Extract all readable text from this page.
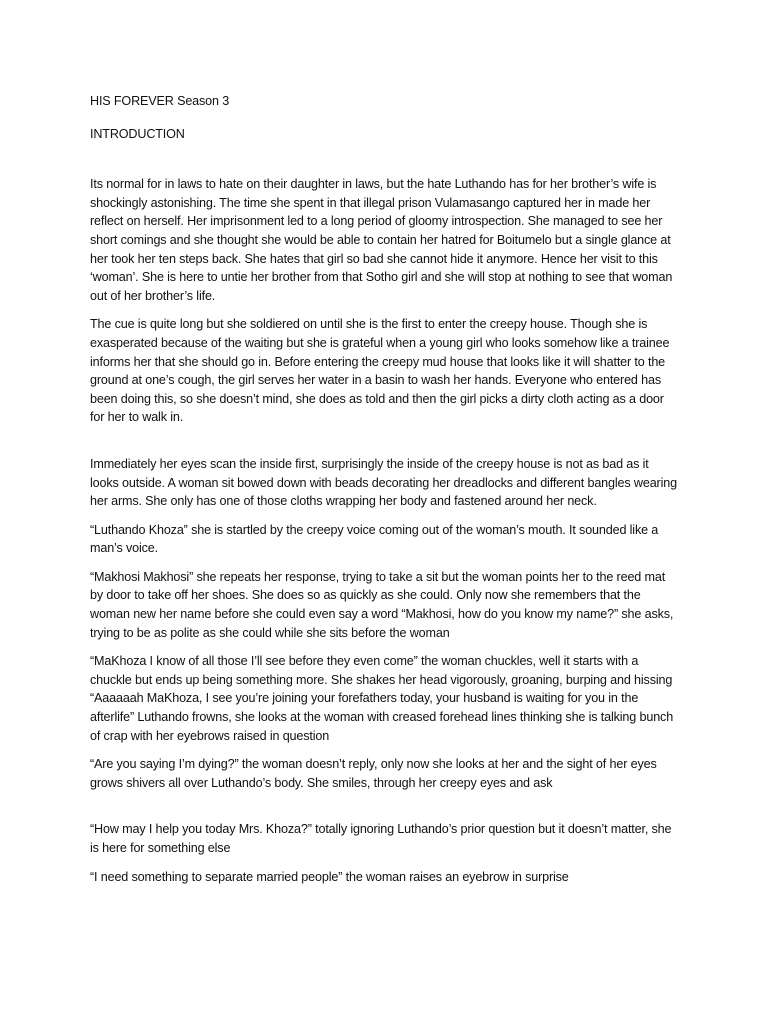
HIS FOREVER Season 3
INTRODUCTION

Its normal for in laws to hate on their daughter in laws, but the hate Luthando has for her brother’s wife is shockingly astonishing. The time she spent in that illegal prison Vulamasango captured her in made her reflect on herself. Her imprisonment led to a long period of gloomy introspection. She managed to see her short comings and she thought she would be able to contain her hatred for Boitumelo but a single glance at her took her ten steps back. She hates that girl so bad she cannot hide it anymore. Hence her visit to this ‘woman’. She is here to untie her brother from that Sotho girl and she will stop at nothing to see that woman out of her brother’s life.

The cue is quite long but she soldiered on until she is the first to enter the creepy house. Though she is exasperated because of the waiting but she is grateful when a young girl who looks somehow like a trainee informs her that she should go in. Before entering the creepy mud house that looks like it will shatter to the ground at one’s cough, the girl serves her water in a basin to wash her hands. Everyone who entered has been doing this, so she doesn’t mind, she does as told and then the girl picks a dirty cloth acting as a door for her to walk in.

Immediately her eyes scan the inside first, surprisingly the inside of the creepy house is not as bad as it looks outside. A woman sit bowed down with beads decorating her dreadlocks and different bangles wearing her arms. She only has one of those cloths wrapping her body and fastened around her neck.

“Luthando Khoza” she is startled by the creepy voice coming out of the woman’s mouth. It sounded like a man’s voice.

“Makhosi Makhosi” she repeats her response, trying to take a sit but the woman points her to the reed mat by door to take off her shoes. She does so as quickly as she could. Only now she remembers that the woman new her name before she could even say a word “Makhosi, how do you know my name?” she asks, trying to be as polite as she could while she sits before the woman

“MaKhoza I know of all those I’ll see before they even come” the woman chuckles, well it starts with a chuckle but ends up being something more. She shakes her head vigorously, groaning, burping and hissing “Aaaaaah MaKhoza, I see you’re joining your forefathers today, your husband is waiting for you in the afterlife” Luthando frowns, she looks at the woman with creased forehead lines thinking she is talking bunch of crap with her eyebrows raised in question

“Are you saying I’m dying?” the woman doesn’t reply, only now she looks at her and the sight of her eyes grows shivers all over Luthando’s body. She smiles, through her creepy eyes and ask

“How may I help you today Mrs. Khoza?” totally ignoring Luthando’s prior question but it doesn’t matter, she is here for something else

“I need something to separate married people” the woman raises an eyebrow in surprise
